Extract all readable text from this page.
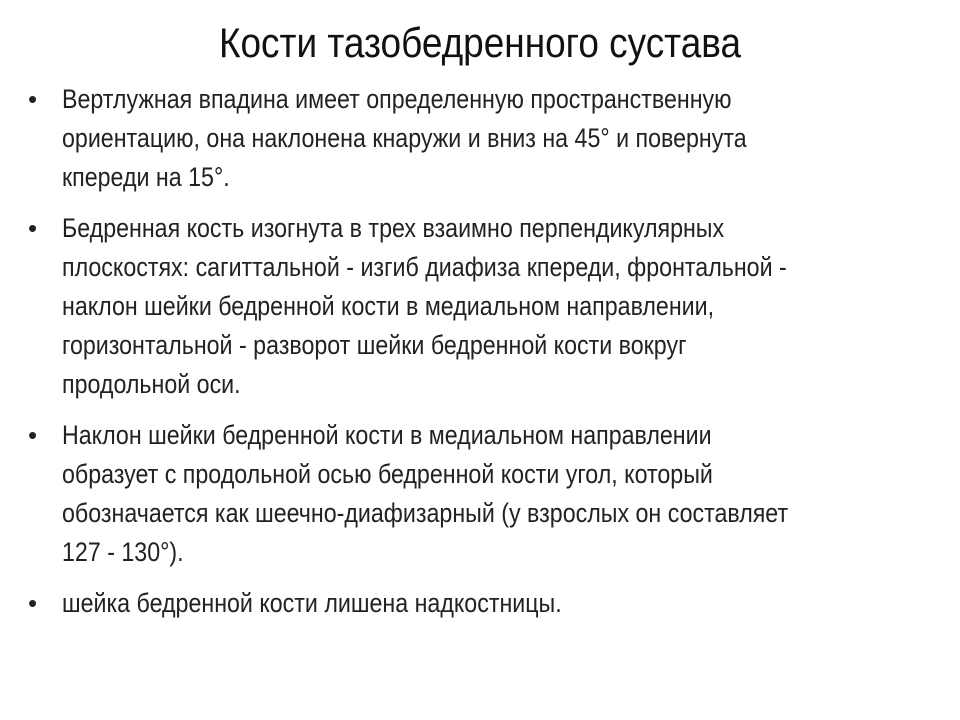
Кости тазобедренного сустава
• Вертлужная впадина имеет определенную пространственную
ориентацию, она наклонена кнаружи и вниз на 45° и повернута
кпереди на 15°.
• Бедренная кость изогнута в трех взаимно перпендикулярных
плоскостях: сагиттальной - изгиб диафиза кпереди, фронтальной -
наклон шейки бедренной кости в медиальном направлении,
горизонтальной - разворот шейки бедренной кости вокруг
продольной оси.
• Наклон шейки бедренной кости в медиальном направлении
образует с продольной осью бедренной кости угол, который
обозначается как шеечно-диафизарный (у взрослых он составляет
127 - 130°).
• шейка бедренной кости лишена надкостницы.
